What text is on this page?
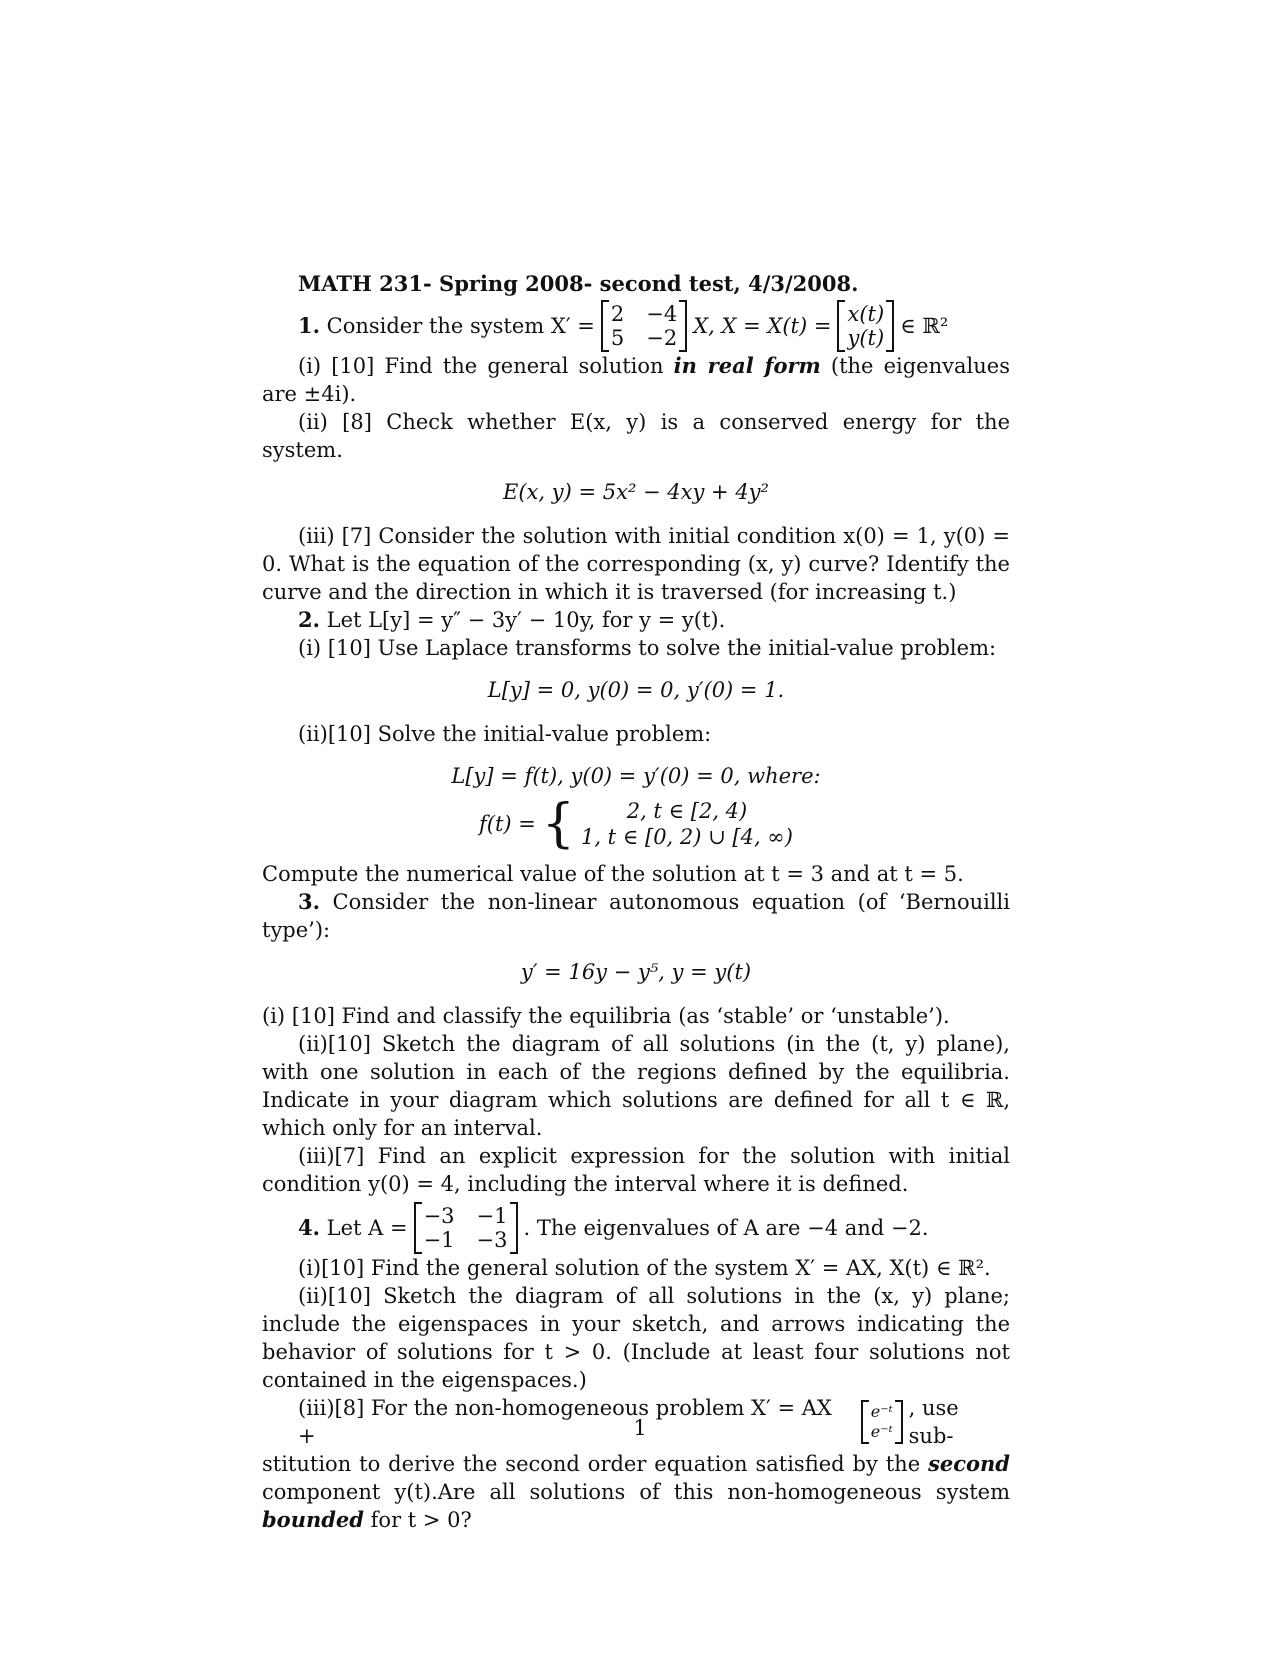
MATH 231- Spring 2008- second test, 4/3/2008.
1.
Consider the system X′ = 2 −4
5 −2 X, X = X(t) = x(t)
y(t) ∈ ℝ²

(i) [10] Find the general solution in real form (the eigenvalues are ±4i).

(ii) [8] Check whether E(x, y) is a conserved energy for the system.

E(x, y) = 5x² − 4xy + 4y²

(iii) [7] Consider the solution with initial condition x(0) = 1, y(0) = 0. What is the equation of the corresponding (x, y) curve? Identify the curve and the direction in which it is traversed (for increasing t.)

2. Let L[y] = y″ − 3y′ − 10y, for y = y(t).

(i) [10] Use Laplace transforms to solve the initial-value problem:

L[y] = 0, y(0) = 0, y′(0) = 1.

(ii)[10] Solve the initial-value problem:

L[y] = f(t), y(0) = y′(0) = 0, where:
f(t) = {	2, t ∈ [2, 4)
1, t ∈ [0, 2) ∪ [4, ∞)

Compute the numerical value of the solution at t = 3 and at t = 5.

3. Consider the non-linear autonomous equation (of ‘Bernouilli type’):

y′ = 16y − y⁵, y = y(t)

(i) [10] Find and classify the equilibria (as ‘stable’ or ‘unstable’).

(ii)[10] Sketch the diagram of all solutions (in the (t, y) plane), with one solution in each of the regions defined by the equilibria. Indicate in your diagram which solutions are defined for all t ∈ ℝ, which only for an interval.

(iii)[7] Find an explicit expression for the solution with initial condition y(0) = 4, including the interval where it is defined.

4.
Let A = −3 −1
−1 −3 . The eigenvalues of A are −4 and −2.

(i)[10] Find the general solution of the system X′ = AX, X(t) ∈ ℝ².

(ii)[10] Sketch the diagram of all solutions in the (x, y) plane; include the eigenspaces in your sketch, and arrows indicating the behavior of solutions for t > 0. (Include at least four solutions not contained in the eigenspaces.)

(iii)[8] For the non-homogeneous problem X′ = AX +
e⁻ᵗ
e⁻ᵗ
, use sub-

stitution to derive the second order equation satisfied by the second component y(t).Are all solutions of this non-homogeneous system bounded for t > 0?

1
